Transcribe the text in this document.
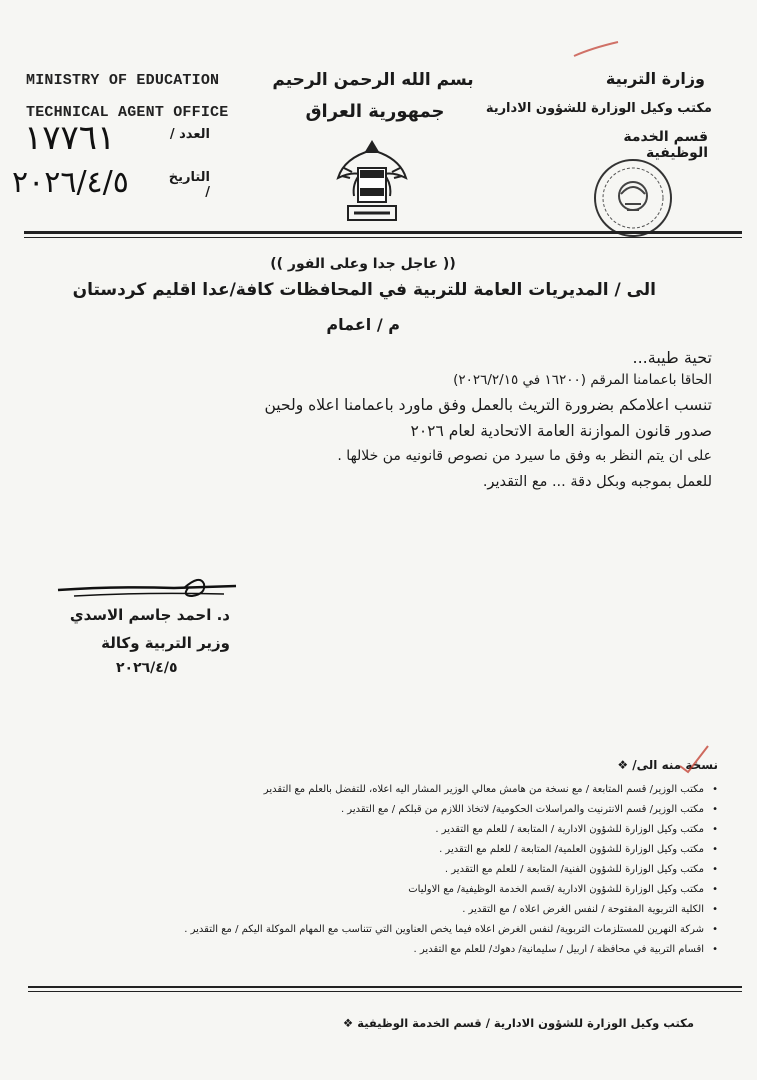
MINISTRY OF EDUCATION
TECHNICAL AGENT OFFICE
العدد /
١٧٧٦١
التاريخ /
٢٠٢٦/٤/٥
بسم الله الرحمن الرحيم
جمهورية العراق
وزارة التربية
مكتب وكيل الوزارة للشؤون الادارية
قسم الخدمة الوظيفية
(( عاجل جدا وعلى الفور ))
الى / المديريات العامة للتربية في المحافظات كافة/عدا اقليم كردستان
م / اعمام
تحية طيبة...
الحاقا باعمامنا المرقم (١٦٢٠٠ في ٢٠٢٦/٢/١٥)
تنسب اعلامكم بضرورة التريث بالعمل وفق ماورد باعمامنا اعلاه ولحين
صدور قانون الموازنة العامة الاتحادية لعام ٢٠٢٦
على ان يتم النظر به وفق ما سيرد من نصوص قانونيه من خلالها .
للعمل بموجبه وبكل دقة ... مع التقدير.
د. احمد جاسم الاسدي
وزير التربية وكالة
٢٠٢٦/٤/٥
نسخة منه الى/ ❖
•
مكتب الوزير/ قسم المتابعة / مع نسخة من هامش معالي الوزير المشار اليه اعلاه، للتفضل بالعلم مع التقدير
•
مكتب الوزير/ قسم الانترنيت والمراسلات الحكومية/ لاتخاذ اللازم من قبلكم / مع التقدير .
•
مكتب وكيل الوزارة للشؤون الادارية / المتابعة / للعلم مع التقدير .
•
مكتب وكيل الوزارة للشؤون العلمية/ المتابعة / للعلم مع التقدير .
•
مكتب وكيل الوزارة للشؤون الفنية/ المتابعة / للعلم مع التقدير .
•
مكتب وكيل الوزارة للشؤون الادارية /قسم الخدمة الوظيفية/ مع الاوليات
•
الكلية التربوية المفتوحة / لنفس الغرض اعلاه / مع التقدير .
•
شركة النهرين للمستلزمات التربوية/ لنفس الغرض اعلاه فيما يخص العناوين التي تتناسب مع المهام الموكلة اليكم / مع التقدير .
•
اقسام التربية في محافظة / اربيل / سليمانية/ دهوك/ للعلم مع التقدير .
مكتب وكيل الوزارة للشؤون الادارية / قسم الخدمة الوظيفية ❖
